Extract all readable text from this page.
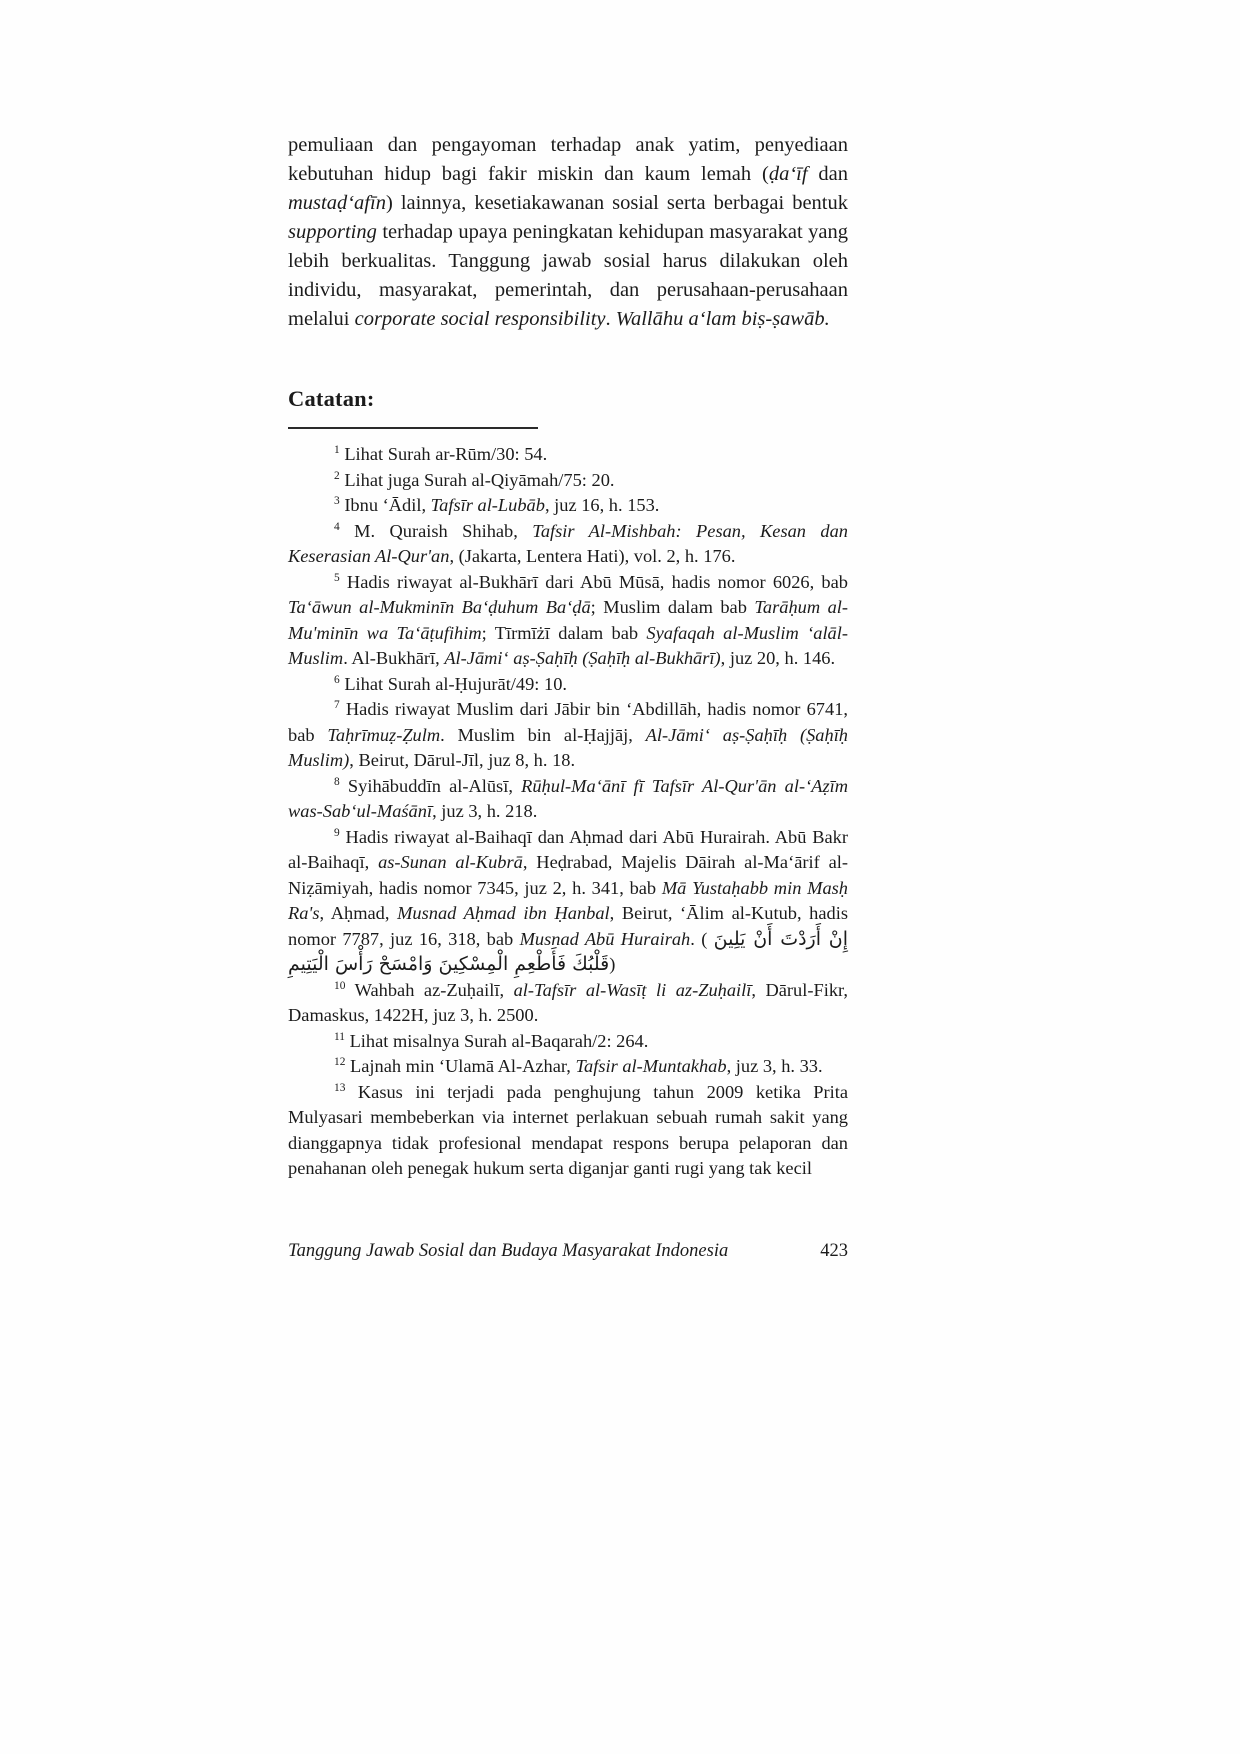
pemuliaan dan pengayoman terhadap anak yatim, penyediaan kebutuhan hidup bagi fakir miskin dan kaum lemah (ḍa‘īf dan mustaḍ‘afīn) lainnya, kesetiakawanan sosial serta berbagai bentuk supporting terhadap upaya peningkatan kehidupan masyarakat yang lebih berkualitas. Tanggung jawab sosial harus dilakukan oleh individu, masyarakat, pemerintah, dan perusahaan-perusahaan melalui corporate social responsibility. Wallāhu a‘lam biṣ-ṣawāb.

Catatan:

$^1$ Lihat Surah ar-Rūm/30: 54.

$^2$ Lihat juga Surah al-Qiyāmah/75: 20.

$^3$ Ibnu ‘Ādil, Tafsīr al-Lubāb, juz 16, h. 153.

$^4$ M. Quraish Shihab, Tafsir Al-Mishbah: Pesan, Kesan dan Keserasian Al-Qur'an, (Jakarta, Lentera Hati), vol. 2, h. 176.

$^5$ Hadis riwayat al-Bukhārī dari Abū Mūsā, hadis nomor 6026, bab Ta‘āwun al-Mukminīn Ba‘ḍuhum Ba‘ḍā; Muslim dalam bab Tarāḥum al-Mu'minīn wa Ta‘āṭufihim; Tīrmīżī dalam bab Syafaqah al-Muslim ‘alāl-Muslim. Al-Bukhārī, Al-Jāmi‘ aṣ-Ṣaḥīḥ (Ṣaḥīḥ al-Bukhārī), juz 20, h. 146.

$^6$ Lihat Surah al-Ḥujurāt/49: 10.

$^7$ Hadis riwayat Muslim dari Jābir bin ‘Abdillāh, hadis nomor 6741, bab Taḥrīmuẓ-Ẓulm. Muslim bin al-Ḥajjāj, Al-Jāmi‘ aṣ-Ṣaḥīḥ (Ṣaḥīḥ Muslim), Beirut, Dārul-Jīl, juz 8, h. 18.

$^8$ Syihābuddīn al-Alūsī, Rūḥul-Ma‘ānī fī Tafsīr Al-Qur'ān al-‘Aẓīm was-Sab‘ul-Maśānī, juz 3, h. 218.

$^9$ Hadis riwayat al-Baihaqī dan Aḥmad dari Abū Hurairah. Abū Bakr al-Baihaqī, as-Sunan al-Kubrā, Heḍrabad, Majelis Dāirah al-Ma‘ārif al-Niẓāmiyah, hadis nomor 7345, juz 2, h. 341, bab Mā Yustaḥabb min Masḥ Ra's, Aḥmad, Musnad Aḥmad ibn Ḥanbal, Beirut, ‘Ālim al-Kutub, hadis nomor 7787, juz 16, 318, bab Musnad Abū Hurairah. ( إِنْ أَرَدْتَ أَنْ يَلِينَ قَلْبُكَ فَأَطْعِمِ الْمِسْكِينَ وَامْسَحْ رَأْسَ الْيَتِيمِ)

$^{10}$ Wahbah az-Zuḥailī, al-Tafsīr al-Wasīṭ li az-Zuḥailī, Dārul-Fikr, Damaskus, 1422H, juz 3, h. 2500.

$^{11}$ Lihat misalnya Surah al-Baqarah/2: 264.

$^{12}$ Lajnah min ‘Ulamā Al-Azhar, Tafsir al-Muntakhab, juz 3, h. 33.

$^{13}$ Kasus ini terjadi pada penghujung tahun 2009 ketika Prita Mulyasari membeberkan via internet perlakuan sebuah rumah sakit yang dianggapnya tidak profesional mendapat respons berupa pelaporan dan penahanan oleh penegak hukum serta diganjar ganti rugi yang tak kecil

Tanggung Jawab Sosial dan Budaya Masyarakat Indonesia	423
